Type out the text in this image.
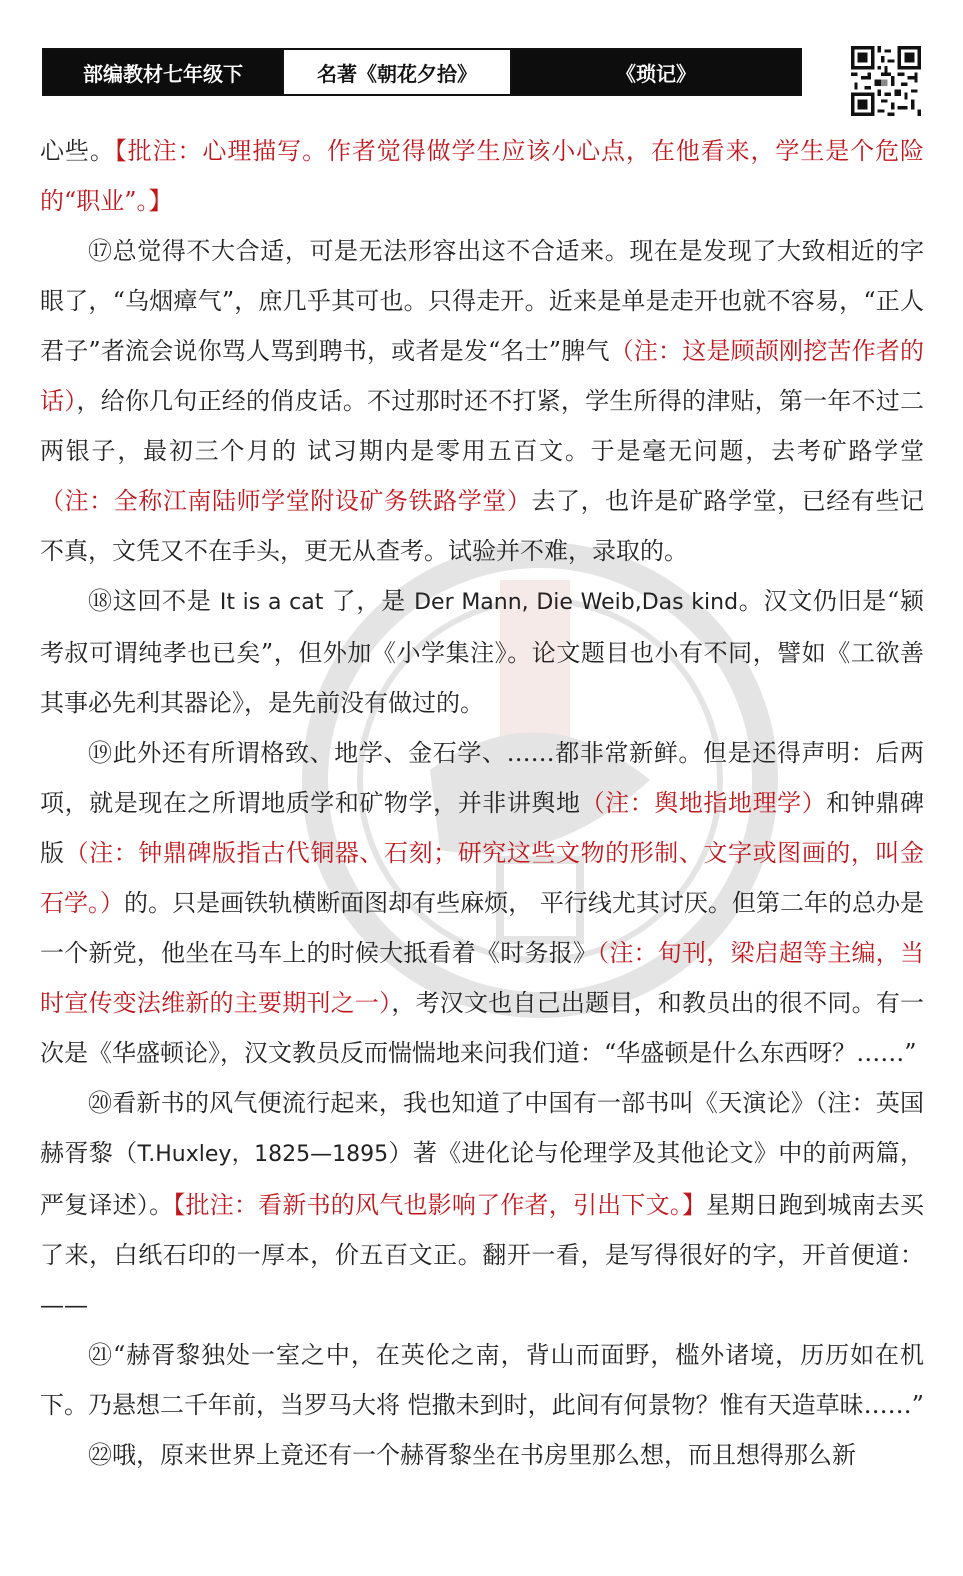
部编教材七年级下	名著《朝花夕拾》	《琐记》

心些。【批注：心理描写。作者觉得做学生应该小心点，在他看来，学生是个危险的“职业”。】

⑰总觉得不大合适，可是无法形容出这不合适来。现在是发现了大致相近的字眼了，“乌烟瘴气”，庶几乎其可也。只得走开。近来是单是走开也就不容易，“正人君子”者流会说你骂人骂到聘书，或者是发“名士”脾气（注：这是顾颉刚挖苦作者的话），给你几句正经的俏皮话。不过那时还不打紧，学生所得的津贴，第一年不过二两银子，最初三个月的 试习期内是零用五百文。于是毫无问题，去考矿路学堂（注：全称江南陆师学堂附设矿务铁路学堂）去了，也许是矿路学堂，已经有些记不真，文凭又不在手头，更无从查考。试验并不难，录取的。

⑱这回不是 It is a cat 了，是 Der Mann, Die Weib,Das kind。汉文仍旧是“颍考叔可谓纯孝也已矣”，但外加《小学集注》。论文题目也小有不同，譬如《工欲善其事必先利其器论》，是先前没有做过的。

⑲此外还有所谓格致、地学、金石学、……都非常新鲜。但是还得声明：后两项，就是现在之所谓地质学和矿物学，并非讲舆地（注：舆地指地理学）和钟鼎碑版（注：钟鼎碑版指古代铜器、石刻；研究这些文物的形制、文字或图画的，叫金石学。）的。只是画铁轨横断面图却有些麻烦， 平行线尤其讨厌。但第二年的总办是一个新党，他坐在马车上的时候大抵看着《时务报》（注：旬刊，梁启超等主编，当时宣传变法维新的主要期刊之一），考汉文也自己出题目，和教员出的很不同。有一次是《华盛顿论》，汉文教员反而惴惴地来问我们道：“华盛顿是什么东西呀？……”

⑳看新书的风气便流行起来，我也知道了中国有一部书叫《天演论》（注：英国赫胥黎（T.Huxley，1825—1895）著《进化论与伦理学及其他论文》中的前两篇，严复译述）。【批注：看新书的风气也影响了作者，引出下文。】星期日跑到城南去买了来，白纸石印的一厚本，价五百文正。翻开一看，是写得很好的字，开首便道：——

㉑“赫胥黎独处一室之中，在英伦之南，背山而面野，槛外诸境，历历如在机下。乃悬想二千年前，当罗马大将 恺撒未到时，此间有何景物？惟有天造草昧……”

㉒哦，原来世界上竟还有一个赫胥黎坐在书房里那么想，而且想得那么新
